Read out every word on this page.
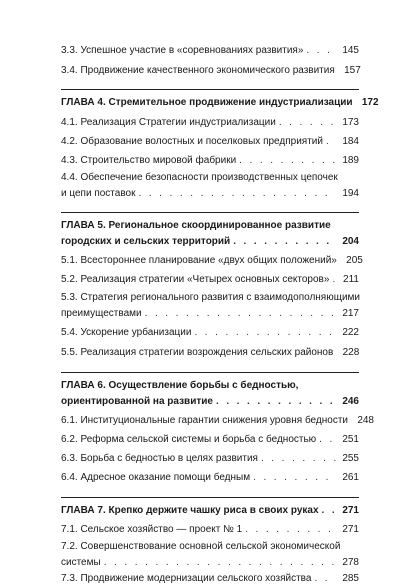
3.3. Успешное участие в «соревнованиях развития» . . .	145
3.4. Продвижение качественного экономического развития 157
ГЛАВА 4. Стремительное продвижение индустриализации 172
4.1. Реализация Стратегии индустриализации . . .	173
4.2. Образование волостных и поселковых предприятий . . .	184
4.3. Строительство мировой фабрики . . .	189
4.4. Обеспечение безопасности производственных цепочек
и цепи поставок . . .	194
ГЛАВА 5. Региональное скоординированное развитие
городских и сельских территорий . . .	204
5.1. Всестороннее планирование «двух общих положений» 205
5.2. Реализация стратегии «Четырех основных секторов» . . .	211
5.3. Стратегия регионального развития с взаимодополняющими
преимуществами . . .	217
5.4. Ускорение урбанизации . . .	222
5.5. Реализация стратегии возрождения сельских районов 228
ГЛАВА 6. Осуществление борьбы с бедностью,
ориентированной на развитие . . .	246
6.1. Институциональные гарантии снижения уровня бедности 248
6.2. Реформа сельской системы и борьба с бедностью . . .	251
6.3. Борьба с бедностью в целях развития . . .	255
6.4. Адресное оказание помощи бедным . . .	261
ГЛАВА 7. Крепко держите чашку риса в своих руках . . .	271
7.1. Сельское хозяйство — проект № 1 . . .	271
7.2. Совершенствование основной сельской экономической
системы . . .	278
7.3. Продвижение модернизации сельского хозяйства . . .	285
